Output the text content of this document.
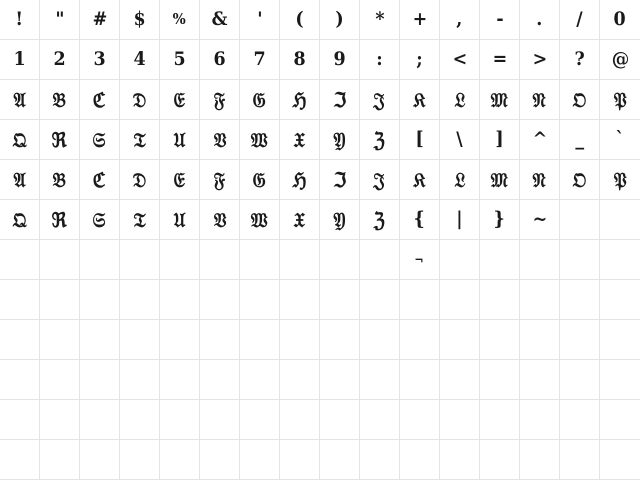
! " # $ % & ' ( ) * + , - . / 0
1 2 3 4 5 6 7 8 9 : ; < = > ? @
𝔄 𝔅 ℭ 𝔇 𝔈 𝔉 𝔊 ℌ ℑ 𝔍 𝔎 𝔏 𝔐 𝔑 𝔒 𝔓
𝔔 ℜ 𝔖 𝔗 𝔘 𝔙 𝔚 𝔛 𝔜 ℨ [ \ ] ^ _ `
𝔄 𝔅 ℭ 𝔇 𝔈 𝔉 𝔊 ℌ ℑ 𝔍 𝔎 𝔏 𝔐 𝔑 𝔒 𝔓
𝔔 ℜ 𝔖 𝔗 𝔘 𝔙 𝔚 𝔛 𝔜 ℨ { | } ~
¬
